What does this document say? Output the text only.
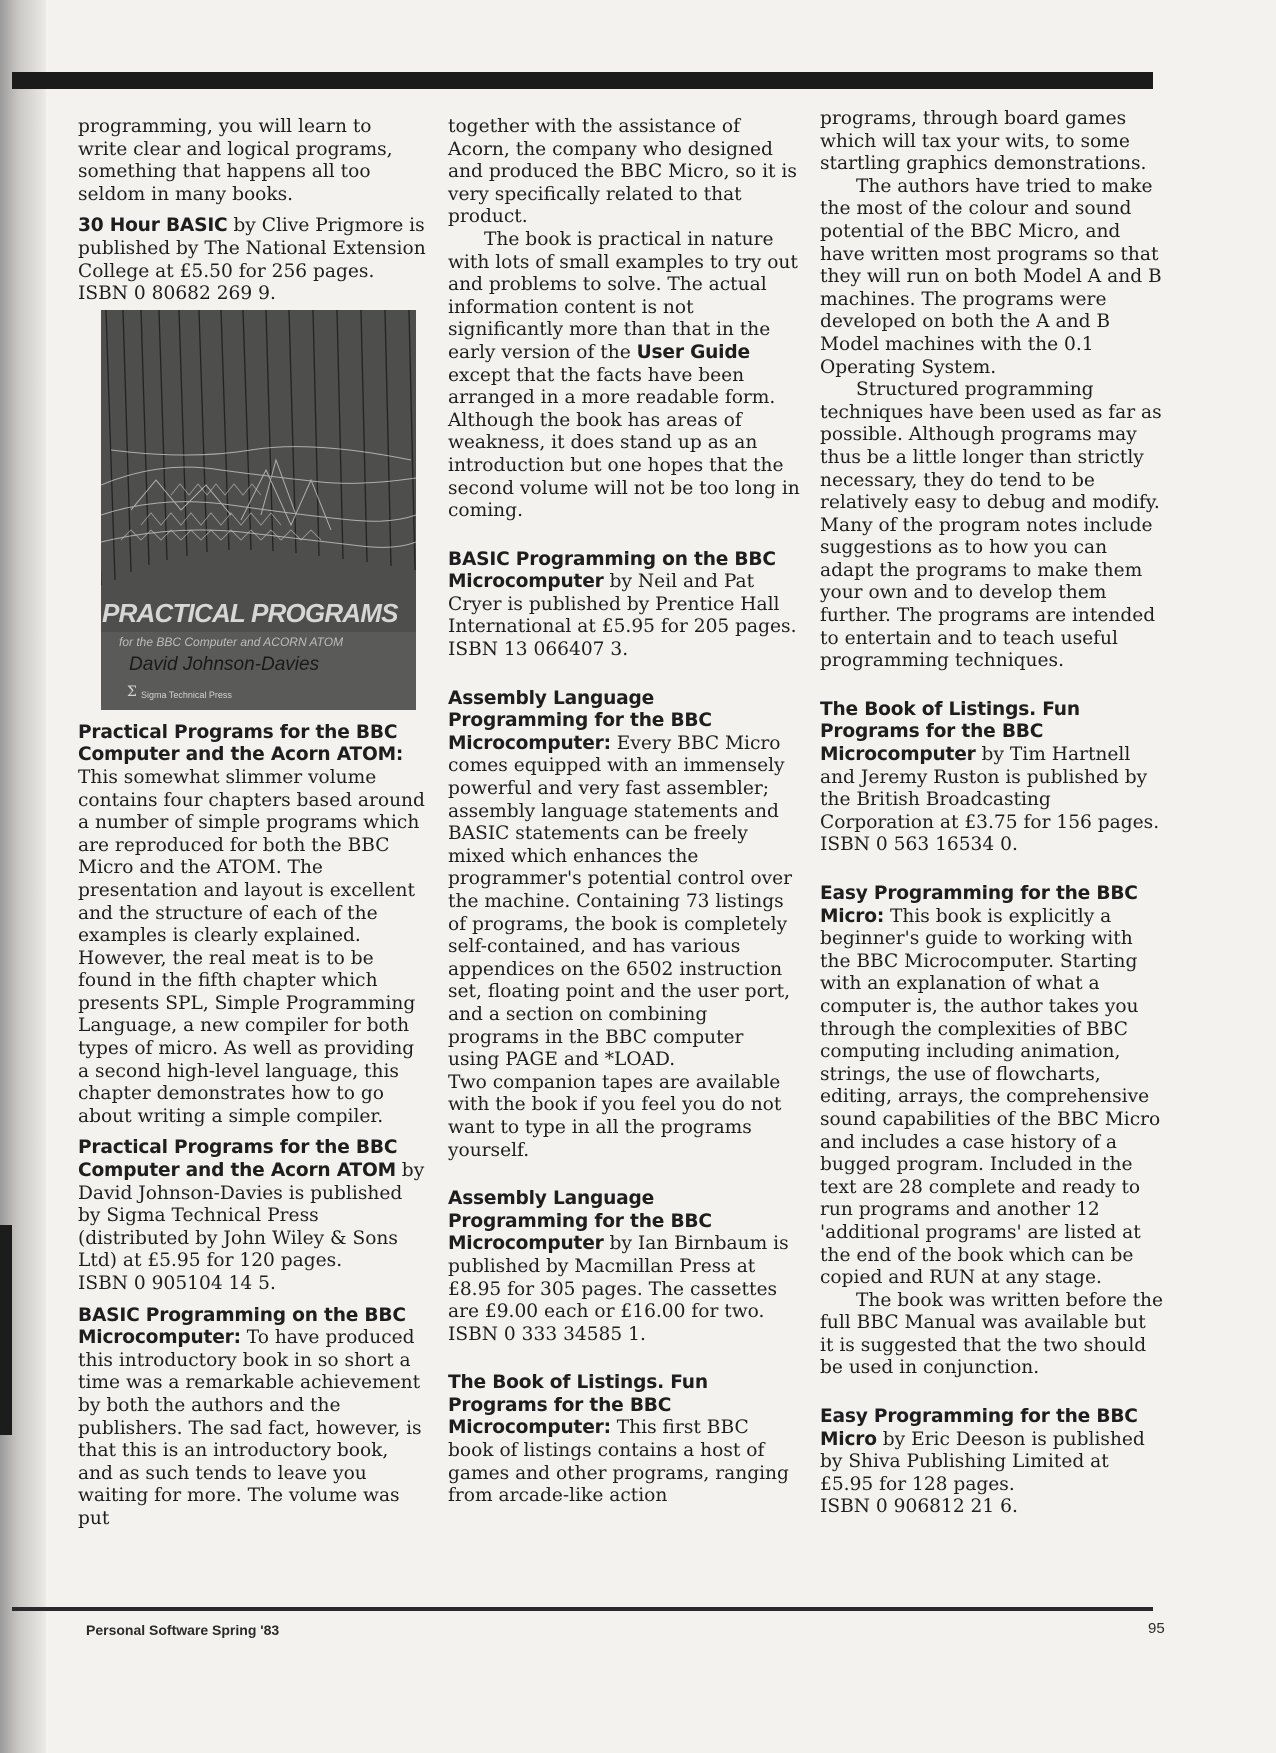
programming, you will learn to write clear and logical programs, something that happens all too seldom in many books.

30 Hour BASIC by Clive Prigmore is published by The National Extension College at £5.50 for 256 pages.
ISBN 0 80682 269 9.

PRACTICAL PROGRAMS
for the BBC Computer and ACORN ATOM
David Johnson-Davies
Σ Sigma Technical Press

Practical Programs for the BBC Computer and the Acorn ATOM: This somewhat slimmer volume contains four chapters based around a number of simple programs which are reproduced for both the BBC Micro and the ATOM. The presentation and layout is excellent and the structure of each of the examples is clearly explained. However, the real meat is to be found in the fifth chapter which presents SPL, Simple Programming Language, a new compiler for both types of micro. As well as providing a second high-level language, this chapter demonstrates how to go about writing a simple compiler.

Practical Programs for the BBC Computer and the Acorn ATOM by David Johnson-Davies is published by Sigma Technical Press (distributed by John Wiley & Sons Ltd) at £5.95 for 120 pages.
ISBN 0 905104 14 5.

BASIC Programming on the BBC Microcomputer: To have produced this introductory book in so short a time was a remarkable achievement by both the authors and the publishers. The sad fact, however, is that this is an introductory book, and as such tends to leave you waiting for more. The volume was put

together with the assistance of Acorn, the company who designed and produced the BBC Micro, so it is very specifically related to that product.

The book is practical in nature with lots of small examples to try out and problems to solve. The actual information content is not significantly more than that in the early version of the User Guide except that the facts have been arranged in a more readable form. Although the book has areas of weakness, it does stand up as an introduction but one hopes that the second volume will not be too long in coming.

BASIC Programming on the BBC Microcomputer by Neil and Pat Cryer is published by Prentice Hall International at £5.95 for 205 pages.
ISBN 13 066407 3.

Assembly Language Programming for the BBC Microcomputer: Every BBC Micro comes equipped with an immensely powerful and very fast assembler; assembly language statements and BASIC statements can be freely mixed which enhances the programmer's potential control over the machine. Containing 73 listings of programs, the book is completely self-contained, and has various appendices on the 6502 instruction set, floating point and the user port, and a section on combining programs in the BBC computer using PAGE and *LOAD.
Two companion tapes are available with the book if you feel you do not want to type in all the programs yourself.

Assembly Language Programming for the BBC Microcomputer by Ian Birnbaum is published by Macmillan Press at £8.95 for 305 pages. The cassettes are £9.00 each or £16.00 for two.
ISBN 0 333 34585 1.

The Book of Listings. Fun Programs for the BBC Microcomputer: This first BBC book of listings contains a host of games and other programs, ranging from arcade-like action

programs, through board games which will tax your wits, to some startling graphics demonstrations.

The authors have tried to make the most of the colour and sound potential of the BBC Micro, and have written most programs so that they will run on both Model A and B machines. The programs were developed on both the A and B Model machines with the 0.1 Operating System.

Structured programming techniques have been used as far as possible. Although programs may thus be a little longer than strictly necessary, they do tend to be relatively easy to debug and modify. Many of the program notes include suggestions as to how you can adapt the programs to make them your own and to develop them further. The programs are intended to entertain and to teach useful programming techniques.

The Book of Listings. Fun Programs for the BBC Microcomputer by Tim Hartnell and Jeremy Ruston is published by the British Broadcasting Corporation at £3.75 for 156 pages.
ISBN 0 563 16534 0.

Easy Programming for the BBC Micro: This book is explicitly a beginner's guide to working with the BBC Microcomputer. Starting with an explanation of what a computer is, the author takes you through the complexities of BBC computing including animation, strings, the use of flowcharts, editing, arrays, the comprehensive sound capabilities of the BBC Micro and includes a case history of a bugged program. Included in the text are 28 complete and ready to run programs and another 12 'additional programs' are listed at the end of the book which can be copied and RUN at any stage.

The book was written before the full BBC Manual was available but it is suggested that the two should be used in conjunction.

Easy Programming for the BBC Micro by Eric Deeson is published by Shiva Publishing Limited at £5.95 for 128 pages.
ISBN 0 906812 21 6.

Personal Software Spring '83	95
